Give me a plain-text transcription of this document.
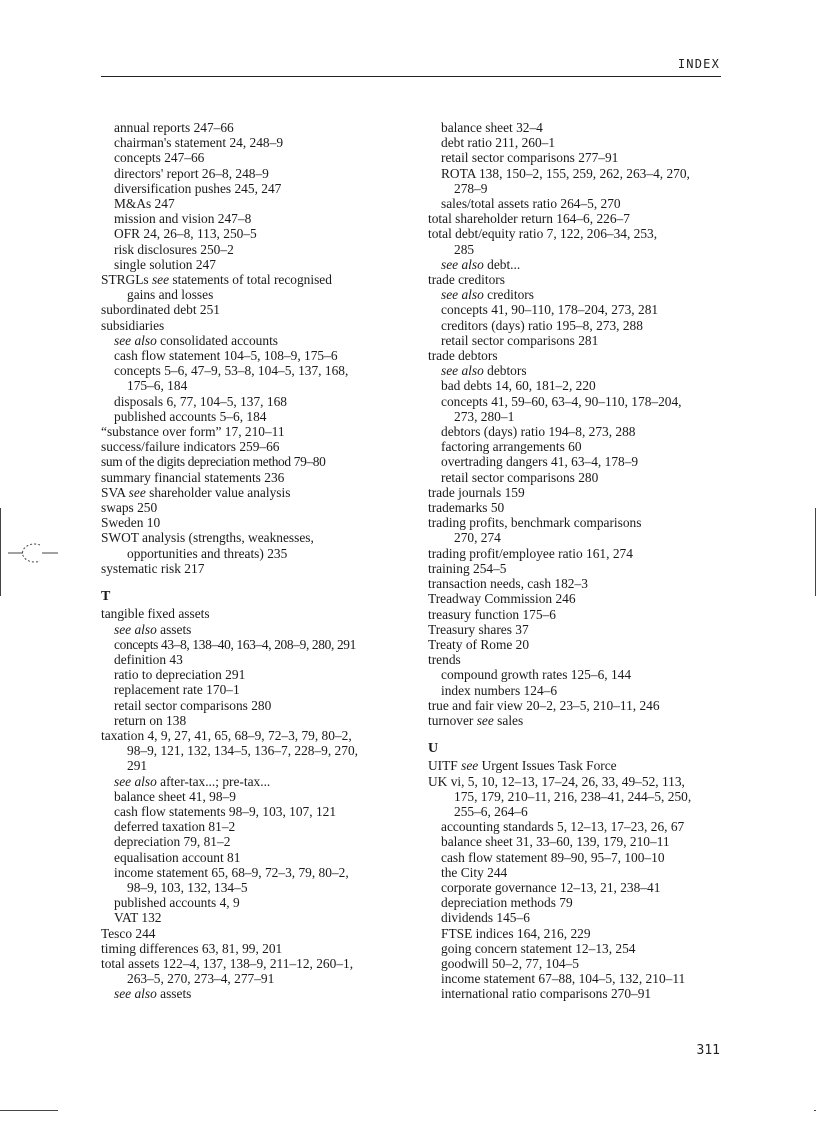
INDEX
annual reports 247–66
chairman's statement 24, 248–9
concepts 247–66
directors' report 26–8, 248–9
diversification pushes 245, 247
M&As 247
mission and vision 247–8
OFR 24, 26–8, 113, 250–5
risk disclosures 250–2
single solution 247
STRGLs see statements of total recognised
gains and losses
subordinated debt 251
subsidiaries
see also consolidated accounts
cash flow statement 104–5, 108–9, 175–6
concepts 5–6, 47–9, 53–8, 104–5, 137, 168,
175–6, 184
disposals 6, 77, 104–5, 137, 168
published accounts 5–6, 184
“substance over form” 17, 210–11
success/failure indicators 259–66
sum of the digits depreciation method 79–80
summary financial statements 236
SVA see shareholder value analysis
swaps 250
Sweden 10
SWOT analysis (strengths, weaknesses,
opportunities and threats) 235
systematic risk 217
T
tangible fixed assets
see also assets
concepts 43–8, 138–40, 163–4, 208–9, 280, 291
definition 43
ratio to depreciation 291
replacement rate 170–1
retail sector comparisons 280
return on 138
taxation 4, 9, 27, 41, 65, 68–9, 72–3, 79, 80–2,
98–9, 121, 132, 134–5, 136–7, 228–9, 270,
291
see also after-tax...; pre-tax...
balance sheet 41, 98–9
cash flow statements 98–9, 103, 107, 121
deferred taxation 81–2
depreciation 79, 81–2
equalisation account 81
income statement 65, 68–9, 72–3, 79, 80–2,
98–9, 103, 132, 134–5
published accounts 4, 9
VAT 132
Tesco 244
timing differences 63, 81, 99, 201
total assets 122–4, 137, 138–9, 211–12, 260–1,
263–5, 270, 273–4, 277–91
see also assets
balance sheet 32–4
debt ratio 211, 260–1
retail sector comparisons 277–91
ROTA 138, 150–2, 155, 259, 262, 263–4, 270,
278–9
sales/total assets ratio 264–5, 270
total shareholder return 164–6, 226–7
total debt/equity ratio 7, 122, 206–34, 253,
285
see also debt...
trade creditors
see also creditors
concepts 41, 90–110, 178–204, 273, 281
creditors (days) ratio 195–8, 273, 288
retail sector comparisons 281
trade debtors
see also debtors
bad debts 14, 60, 181–2, 220
concepts 41, 59–60, 63–4, 90–110, 178–204,
273, 280–1
debtors (days) ratio 194–8, 273, 288
factoring arrangements 60
overtrading dangers 41, 63–4, 178–9
retail sector comparisons 280
trade journals 159
trademarks 50
trading profits, benchmark comparisons
270, 274
trading profit/employee ratio 161, 274
training 254–5
transaction needs, cash 182–3
Treadway Commission 246
treasury function 175–6
Treasury shares 37
Treaty of Rome 20
trends
compound growth rates 125–6, 144
index numbers 124–6
true and fair view 20–2, 23–5, 210–11, 246
turnover see sales
U
UITF see Urgent Issues Task Force
UK vi, 5, 10, 12–13, 17–24, 26, 33, 49–52, 113,
175, 179, 210–11, 216, 238–41, 244–5, 250,
255–6, 264–6
accounting standards 5, 12–13, 17–23, 26, 67
balance sheet 31, 33–60, 139, 179, 210–11
cash flow statement 89–90, 95–7, 100–10
the City 244
corporate governance 12–13, 21, 238–41
depreciation methods 79
dividends 145–6
FTSE indices 164, 216, 229
going concern statement 12–13, 254
goodwill 50–2, 77, 104–5
income statement 67–88, 104–5, 132, 210–11
international ratio comparisons 270–91
311
